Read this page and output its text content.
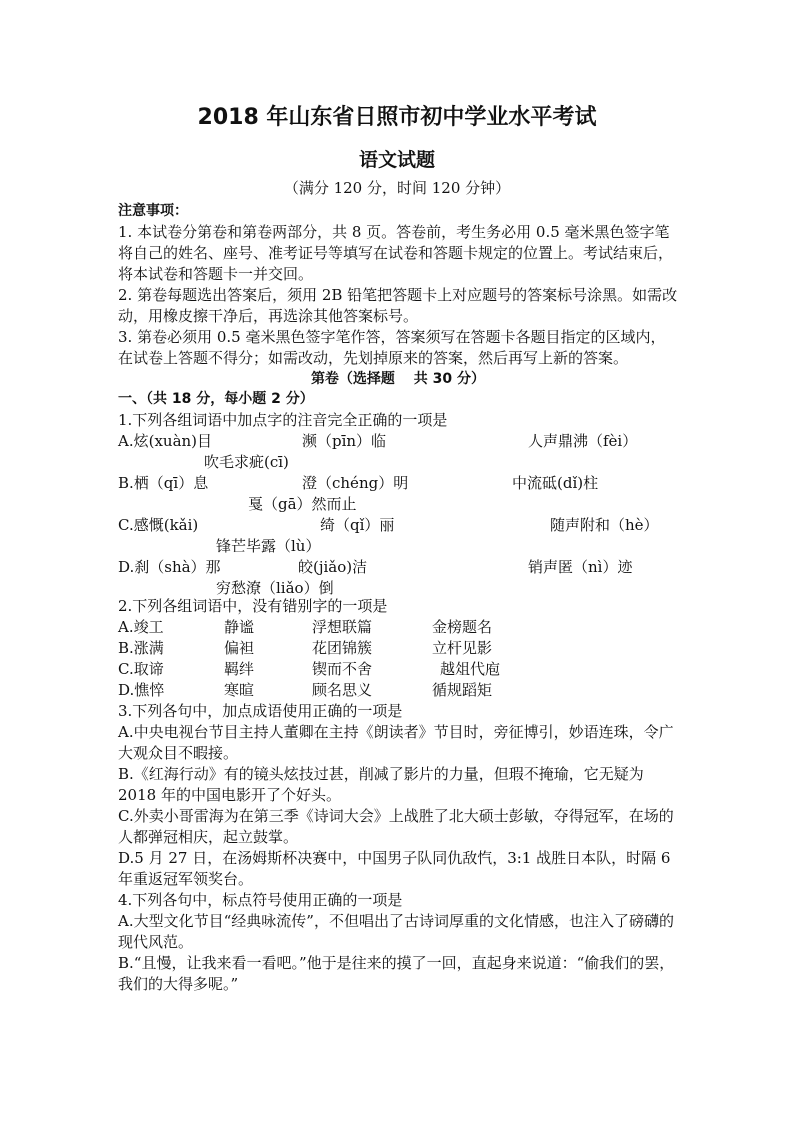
2018 年山东省日照市初中学业水平考试
语文试题
（满分 120 分，时间 120 分钟）

注意事项：

1. 本试卷分第卷和第卷两部分，共 8 页。答卷前，考生务必用 0.5 毫米黑色签字笔将自己的姓名、座号、准考证号等填写在试卷和答题卡规定的位置上。考试结束后，将本试卷和答题卡一并交回。

2. 第卷每题选出答案后，须用 2B 铅笔把答题卡上对应题号的答案标号涂黑。如需改动，用橡皮擦干净后，再选涂其他答案标号。

3. 第卷必须用 0.5 毫米黑色签字笔作答，答案须写在答题卡各题目指定的区域内，在试卷上答题不得分；如需改动，先划掉原来的答案，然后再写上新的答案。

第卷（选择题　 共 30 分）
一、（共 18 分，每小题 2 分）

1.下列各组词语中加点字的注音完全正确的一项是

A.炫(xuàn)目	濒（pīn）临	人声鼎沸（fèi）
吹毛求疵(cī)
B.栖（qī）息	澄（chéng）明	中流砥(dǐ)柱
戛（gā）然而止
C.感慨(kǎi)	绮（qǐ）丽	随声附和（hè）
锋芒毕露（lù）
D.刹（shà）那	皎(jiǎo)洁	销声匿（nì）迹
穷愁潦（liǎo）倒

2.下列各组词语中，没有错别字的一项是

A.竣工	静谧	浮想联篇	金榜题名
B.涨满	偏袒	花团锦簇	立杆见影
C.取谛	羁绊	锲而不舍	越俎代庖
D.憔悴	寒暄	顾名思义	循规蹈矩

3.下列各句中，加点成语使用正确的一项是

A.中央电视台节目主持人董卿在主持《朗读者》节目时，旁征博引，妙语连珠，令广大观众目不暇接。

B.《红海行动》有的镜头炫技过甚，削减了影片的力量，但瑕不掩瑜，它无疑为 2018 年的中国电影开了个好头。

C.外卖小哥雷海为在第三季《诗词大会》上战胜了北大硕士彭敏，夺得冠军，在场的人都弹冠相庆，起立鼓掌。

D.5 月 27 日，在汤姆斯杯决赛中，中国男子队同仇敌忾，3:1 战胜日本队，时隔 6 年重返冠军领奖台。

4.下列各句中，标点符号使用正确的一项是

A.大型文化节目“经典咏流传”，不但唱出了古诗词厚重的文化情感，也注入了磅礴的现代风范。

B.“且慢，让我来看一看吧。”他于是往来的摸了一回，直起身来说道：“偷我们的罢，我们的大得多呢。”
